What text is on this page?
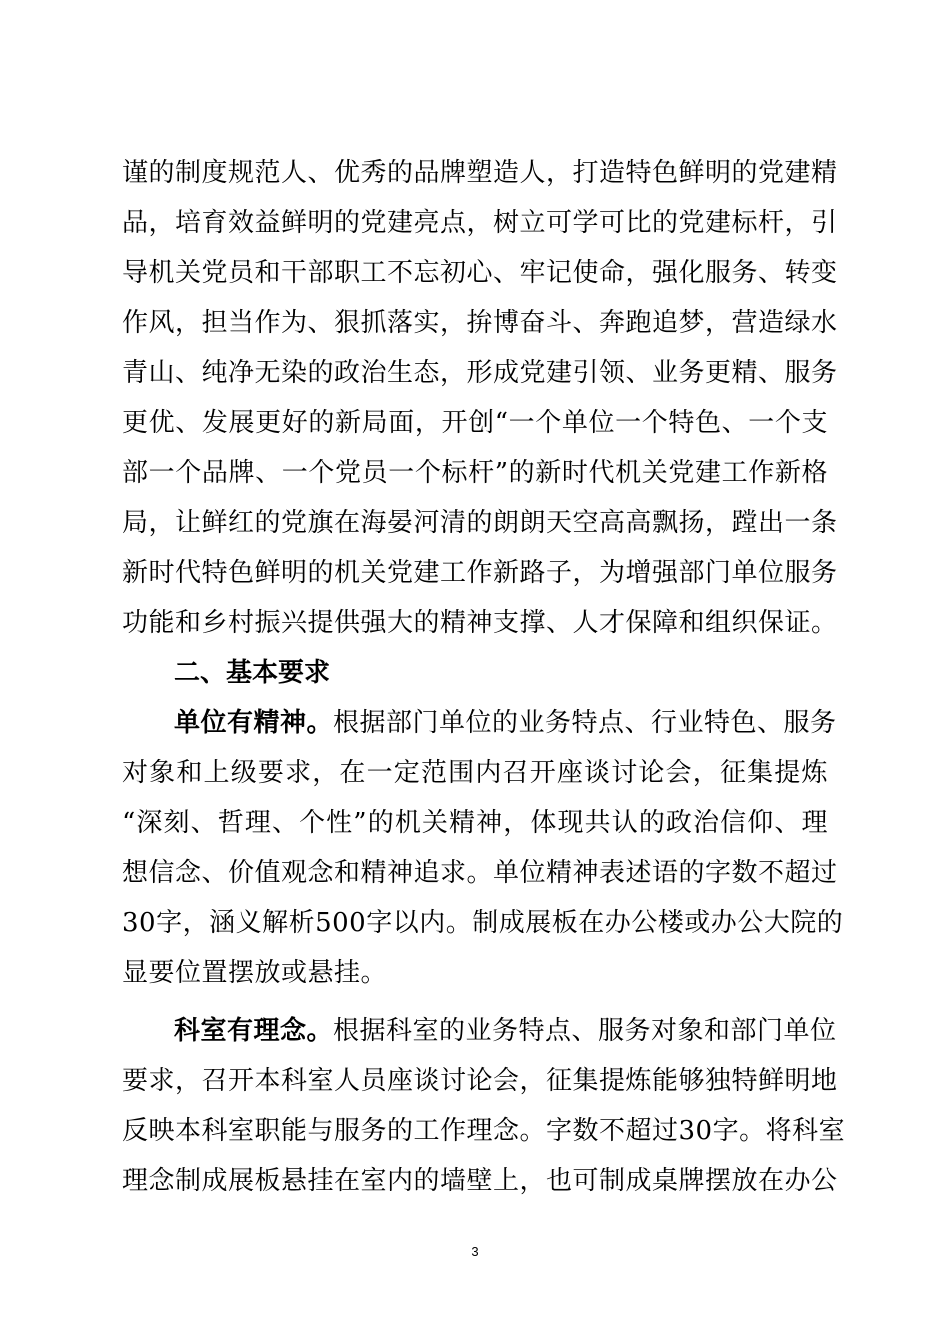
谨的制度规范人、优秀的品牌塑造人，打造特色鲜明的党建精
品，培育效益鲜明的党建亮点，树立可学可比的党建标杆，引
导机关党员和干部职工不忘初心、牢记使命，强化服务、转变
作风，担当作为、狠抓落实，拚博奋斗、奔跑追梦，营造绿水
青山、纯净无染的政治生态，形成党建引领、业务更精、服务
更优、发展更好的新局面，开创“一个单位一个特色、一个支
部一个品牌、一个党员一个标杆”的新时代机关党建工作新格
局，让鲜红的党旗在海晏河清的朗朗天空高高飘扬，蹚出一条
新时代特色鲜明的机关党建工作新路子，为增强部门单位服务
功能和乡村振兴提供强大的精神支撑、人才保障和组织保证。
二、基本要求
单位有精神。根据部门单位的业务特点、行业特色、服务
对象和上级要求，在一定范围内召开座谈讨论会，征集提炼
“深刻、哲理、个性”的机关精神，体现共认的政治信仰、理
想信念、价值观念和精神追求。单位精神表述语的字数不超过
30字，涵义解析500字以内。制成展板在办公楼或办公大院的
显要位置摆放或悬挂。
科室有理念。根据科室的业务特点、服务对象和部门单位
要求，召开本科室人员座谈讨论会，征集提炼能够独特鲜明地
反映本科室职能与服务的工作理念。字数不超过30字。将科室
理念制成展板悬挂在室内的墙壁上，也可制成桌牌摆放在办公
3
